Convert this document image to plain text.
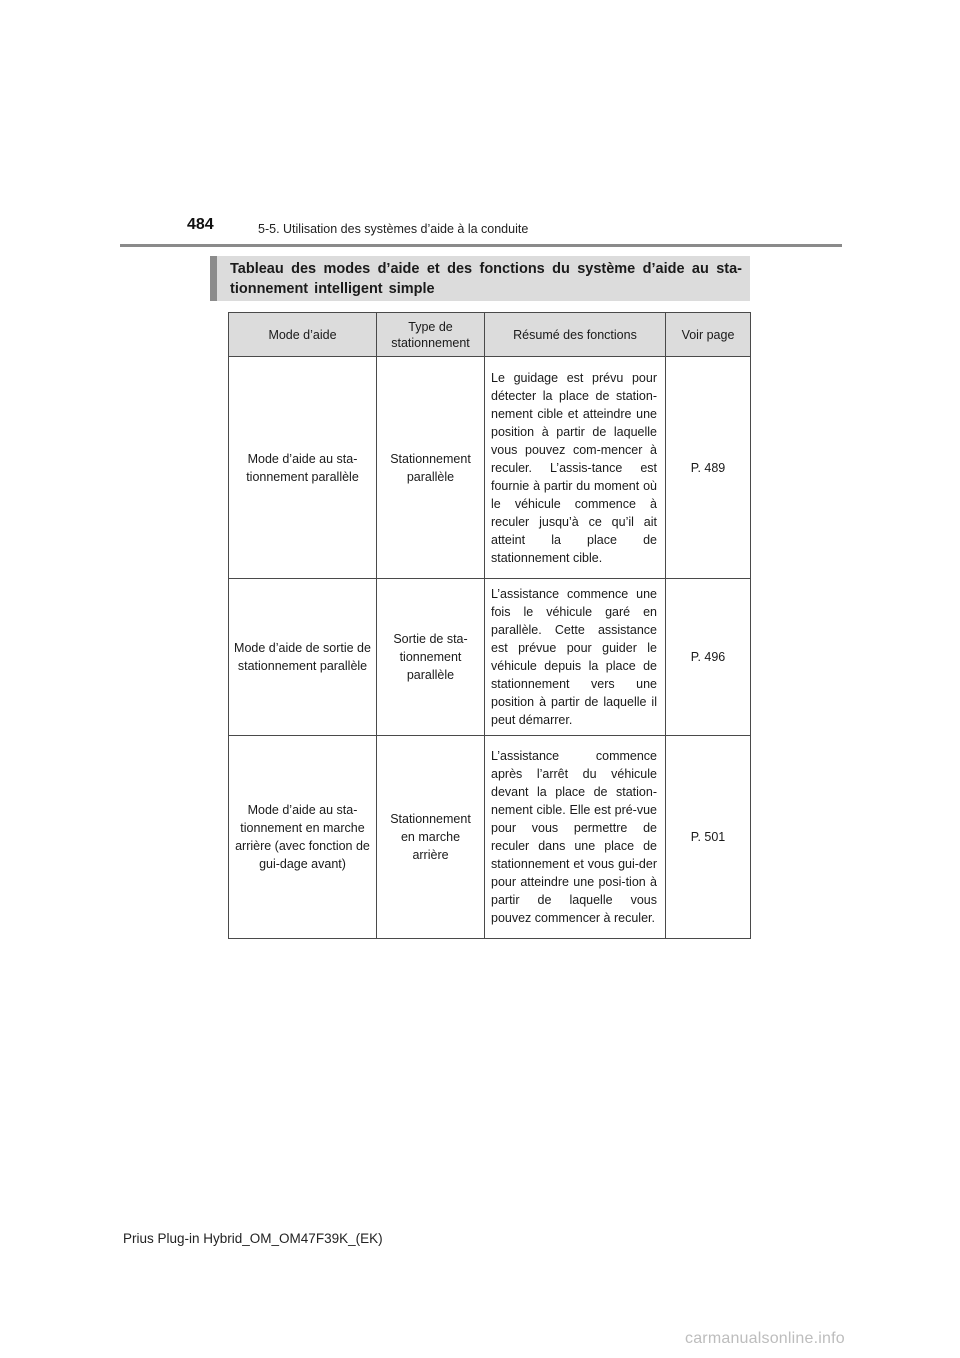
484	5-5. Utilisation des systèmes d’aide à la conduite
Tableau des modes d’aide et des fonctions du système d’aide au sta-tionnement intelligent simple
Mode d’aide	Type de stationnement	Résumé des fonctions	Voir page
Mode d’aide au sta-tionnement parallèle	Stationnement parallèle	Le guidage est prévu pour détecter la place de station-nement cible et atteindre une position à partir de laquelle vous pouvez com-mencer à reculer. L’assis-tance est fournie à partir du moment où le véhicule commence à reculer jusqu’à ce qu’il ait atteint la place de stationnement cible.	P. 489
Mode d’aide de sortie de stationnement parallèle	Sortie de sta-tionnement parallèle	L’assistance commence une fois le véhicule garé en parallèle. Cette assistance est prévue pour guider le véhicule depuis la place de stationnement vers une position à partir de laquelle il peut démarrer.	P. 496
Mode d’aide au sta-tionnement en marche arrière (avec fonction de gui-dage avant)	Stationnement en marche arrière	L’assistance commence après l’arrêt du véhicule devant la place de station-nement cible. Elle est pré-vue pour vous permettre de reculer dans une place de stationnement et vous gui-der pour atteindre une posi-tion à partir de laquelle vous pouvez commencer à reculer.	P. 501
Prius Plug-in Hybrid_OM_OM47F39K_(EK)
carmanualsonline.info
